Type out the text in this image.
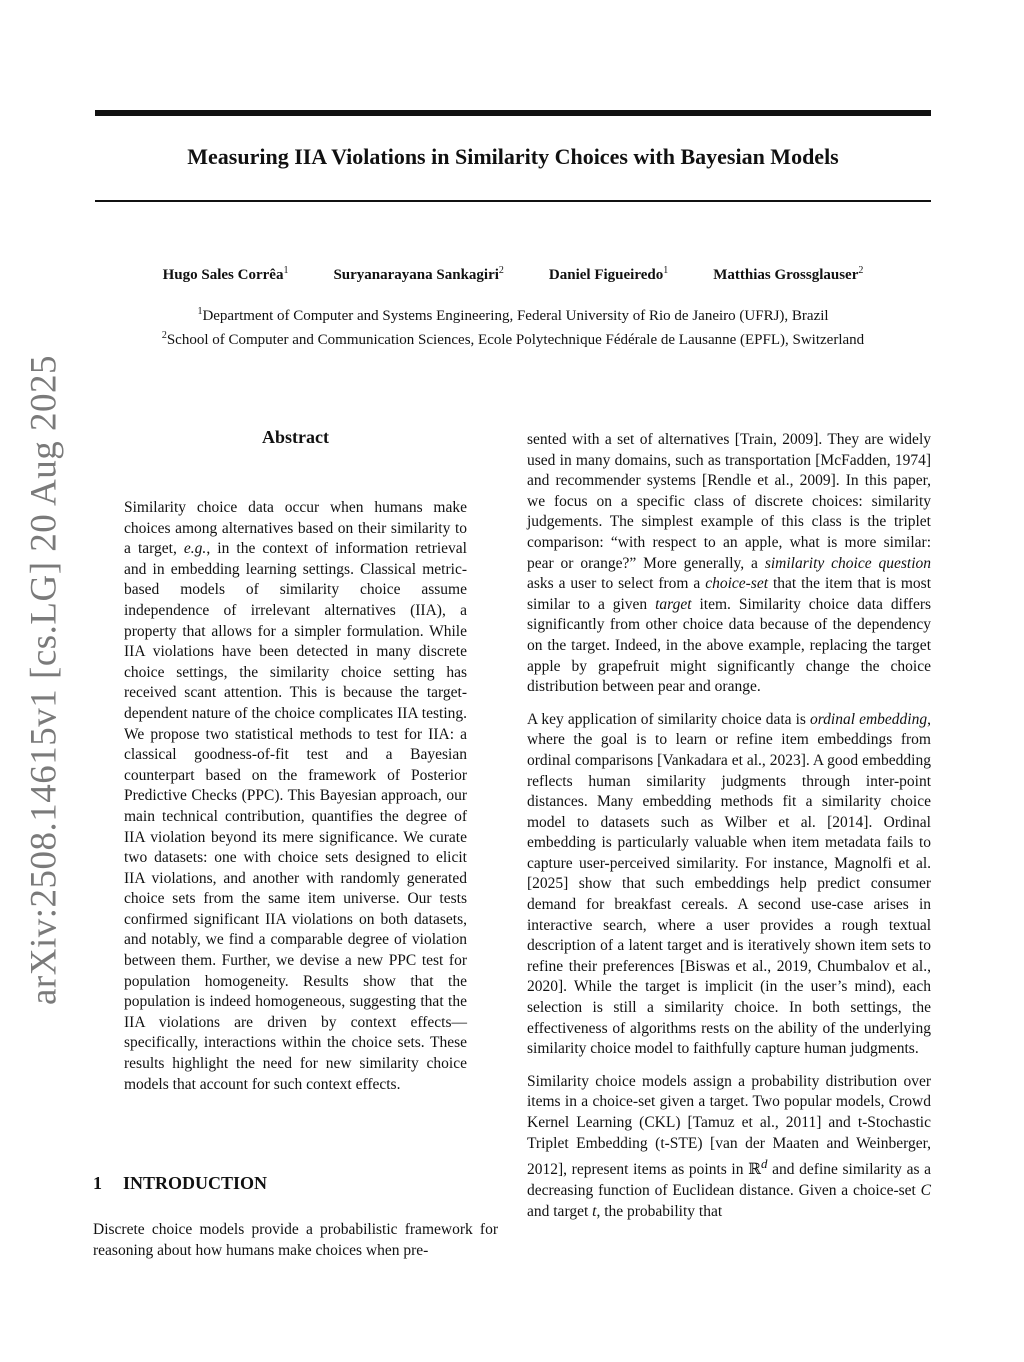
Measuring IIA Violations in Similarity Choices with Bayesian Models
Hugo Sales Corrêa$^1$	Suryanarayana Sankagiri$^2$	Daniel Figueiredo$^1$	Matthias Grossglauser$^2$
$^1$Department of Computer and Systems Engineering, Federal University of Rio de Janeiro (UFRJ), Brazil
$^2$School of Computer and Communication Sciences, Ecole Polytechnique Fédérale de Lausanne (EPFL), Switzerland
arXiv:2508.14615v1 [cs.LG] 20 Aug 2025	Abstract

Similarity choice data occur when humans make choices among alternatives based on their similarity to a target, e.g., in the context of information retrieval and in embedding learning settings. Classical metric-based models of similarity choice assume independence of irrelevant alternatives (IIA), a property that allows for a simpler formulation. While IIA violations have been detected in many discrete choice settings, the similarity choice setting has received scant attention. This is because the target-dependent nature of the choice complicates IIA testing. We propose two statistical methods to test for IIA: a classical goodness-of-fit test and a Bayesian counterpart based on the framework of Posterior Predictive Checks (PPC). This Bayesian approach, our main technical contribution, quantifies the degree of IIA violation beyond its mere significance. We curate two datasets: one with choice sets designed to elicit IIA violations, and another with randomly generated choice sets from the same item universe. Our tests confirmed significant IIA violations on both datasets, and notably, we find a comparable degree of violation between them. Further, we devise a new PPC test for population homogeneity. Results show that the population is indeed homogeneous, suggesting that the IIA violations are driven by context effects—specifically, interactions within the choice sets. These results highlight the need for new similarity choice models that account for such context effects.

1 INTRODUCTION

Discrete choice models provide a probabilistic framework for reasoning about how humans make choices when pre-

sented with a set of alternatives [Train, 2009]. They are widely used in many domains, such as transportation [McFadden, 1974] and recommender systems [Rendle et al., 2009]. In this paper, we focus on a specific class of discrete choices: similarity judgements. The simplest example of this class is the triplet comparison: “with respect to an apple, what is more similar: pear or orange?” More generally, a similarity choice question asks a user to select from a choice-set that the item that is most similar to a given target item. Similarity choice data differs significantly from other choice data because of the dependency on the target. Indeed, in the above example, replacing the target apple by grapefruit might significantly change the choice distribution between pear and orange.

A key application of similarity choice data is ordinal embedding, where the goal is to learn or refine item embeddings from ordinal comparisons [Vankadara et al., 2023]. A good embedding reflects human similarity judgments through inter-point distances. Many embedding methods fit a similarity choice model to datasets such as Wilber et al. [2014]. Ordinal embedding is particularly valuable when item metadata fails to capture user-perceived similarity. For instance, Magnolfi et al. [2025] show that such embeddings help predict consumer demand for breakfast cereals. A second use-case arises in interactive search, where a user provides a rough textual description of a latent target and is iteratively shown item sets to refine their preferences [Biswas et al., 2019, Chumbalov et al., 2020]. While the target is implicit (in the user’s mind), each selection is still a similarity choice. In both settings, the effectiveness of algorithms rests on the ability of the underlying similarity choice model to faithfully capture human judgments.

Similarity choice models assign a probability distribution over items in a choice-set given a target. Two popular models, Crowd Kernel Learning (CKL) [Tamuz et al., 2011] and t-Stochastic Triplet Embedding (t-STE) [van der Maaten and Weinberger, 2012], represent items as points in ℝ$^d$ and define similarity as a decreasing function of Euclidean distance. Given a choice-set C and target t, the probability that
